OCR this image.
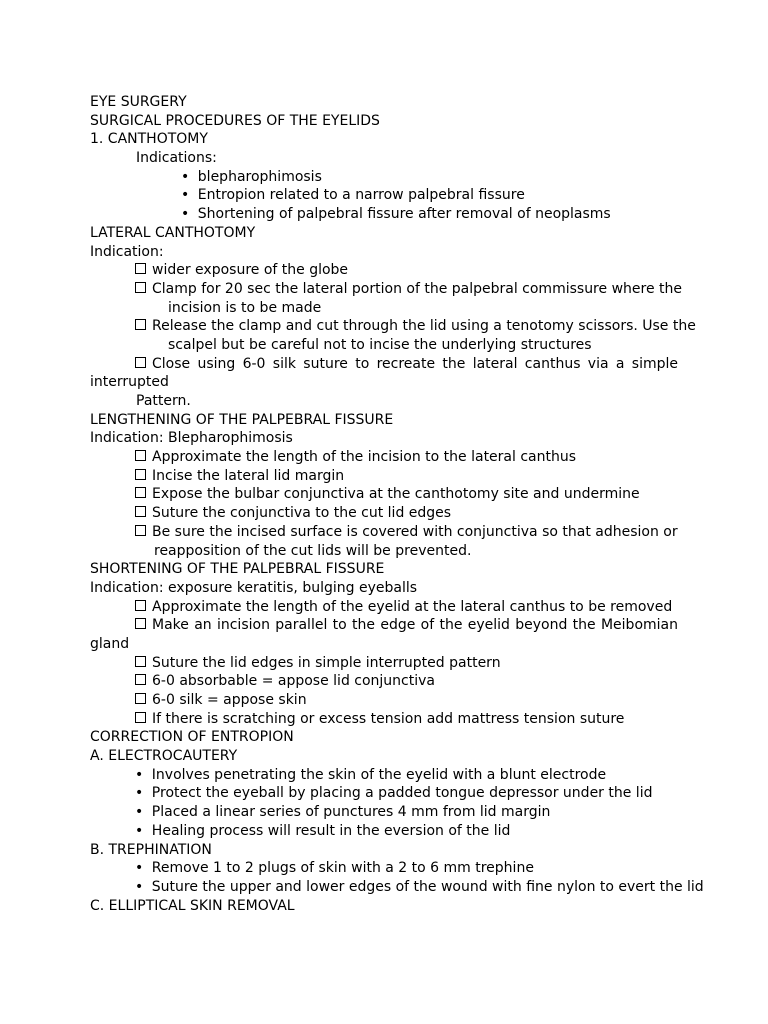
EYE SURGERY
SURGICAL PROCEDURES OF THE EYELIDS
1. CANTHOTOMY
Indications:
• blepharophimosis
• Entropion related to a narrow palpebral fissure
• Shortening of palpebral fissure after removal of neoplasms
LATERAL CANTHOTOMY
Indication:
wider exposure of the globe
Clamp for 20 sec the lateral portion of the palpebral commissure where the
incision is to be made
Release the clamp and cut through the lid using a tenotomy scissors. Use the
scalpel but be careful not to incise the underlying structures
Close using 6-0 silk suture to recreate the lateral canthus via a simple
interrupted
Pattern.
LENGTHENING OF THE PALPEBRAL FISSURE
Indication: Blepharophimosis
Approximate the length of the incision to the lateral canthus
Incise the lateral lid margin
Expose the bulbar conjunctiva at the canthotomy site and undermine
Suture the conjunctiva to the cut lid edges
Be sure the incised surface is covered with conjunctiva so that adhesion or
reapposition of the cut lids will be prevented.
SHORTENING OF THE PALPEBRAL FISSURE
Indication: exposure keratitis, bulging eyeballs
Approximate the length of the eyelid at the lateral canthus to be removed
Make an incision parallel to the edge of the eyelid beyond the Meibomian
gland
Suture the lid edges in simple interrupted pattern
6-0 absorbable = appose lid conjunctiva
6-0 silk = appose skin
If there is scratching or excess tension add mattress tension suture
CORRECTION OF ENTROPION
A. ELECTROCAUTERY
• Involves penetrating the skin of the eyelid with a blunt electrode
• Protect the eyeball by placing a padded tongue depressor under the lid
• Placed a linear series of punctures 4 mm from lid margin
• Healing process will result in the eversion of the lid
B. TREPHINATION
• Remove 1 to 2 plugs of skin with a 2 to 6 mm trephine
• Suture the upper and lower edges of the wound with fine nylon to evert the lid
C. ELLIPTICAL SKIN REMOVAL
